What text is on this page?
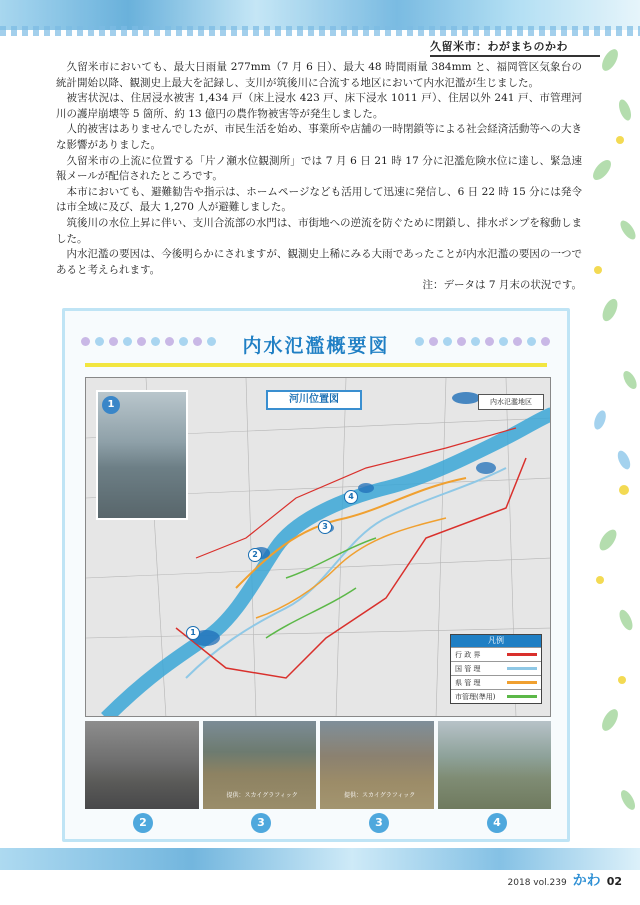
久留米市：わがまちのかわ

久留米市においても、最大日雨量 277mm（7 月 6 日）、最大 48 時間雨量 384mm と、福岡管区気象台の統計開始以降、観測史上最大を記録し、支川が筑後川に合流する地区において内水氾濫が生じました。

被害状況は、住居浸水被害 1,434 戸（床上浸水 423 戸、床下浸水 1011 戸）、住居以外 241 戸、市管理河川の護岸崩壊等 5 箇所、約 13 億円の農作物被害等が発生しました。

人的被害はありませんでしたが、市民生活を始め、事業所や店舗の一時閉鎖等による社会経済活動等への大きな影響がありました。

久留米市の上流に位置する「片ノ瀬水位観測所」では 7 月 6 日 21 時 17 分に氾濫危険水位に達し、緊急速報メールが配信されたところです。

本市においても、避難勧告や指示は、ホームページなども活用して迅速に発信し、6 日 22 時 15 分には発令は市全域に及び、最大 1,270 人が避難しました。

筑後川の水位上昇に伴い、支川合流部の水門は、市街地への逆流を防ぐために閉鎖し、排水ポンプを稼動しました。

内水氾濫の要因は、今後明らかにされますが、観測史上稀にみる大雨であったことが内水氾濫の要因の一つであると考えられます。

注：データは 7 月末の状況です。

内水氾濫概要図
1	河川位置図	内水氾濫地区
1
2
3
4
凡例
行 政 界
国 管 理
県 管 理
市管理(準用)
提供：スカイグラフィック	提供：スカイグラフィック
2	3	3	4
2018 vol.239 かわ 02
